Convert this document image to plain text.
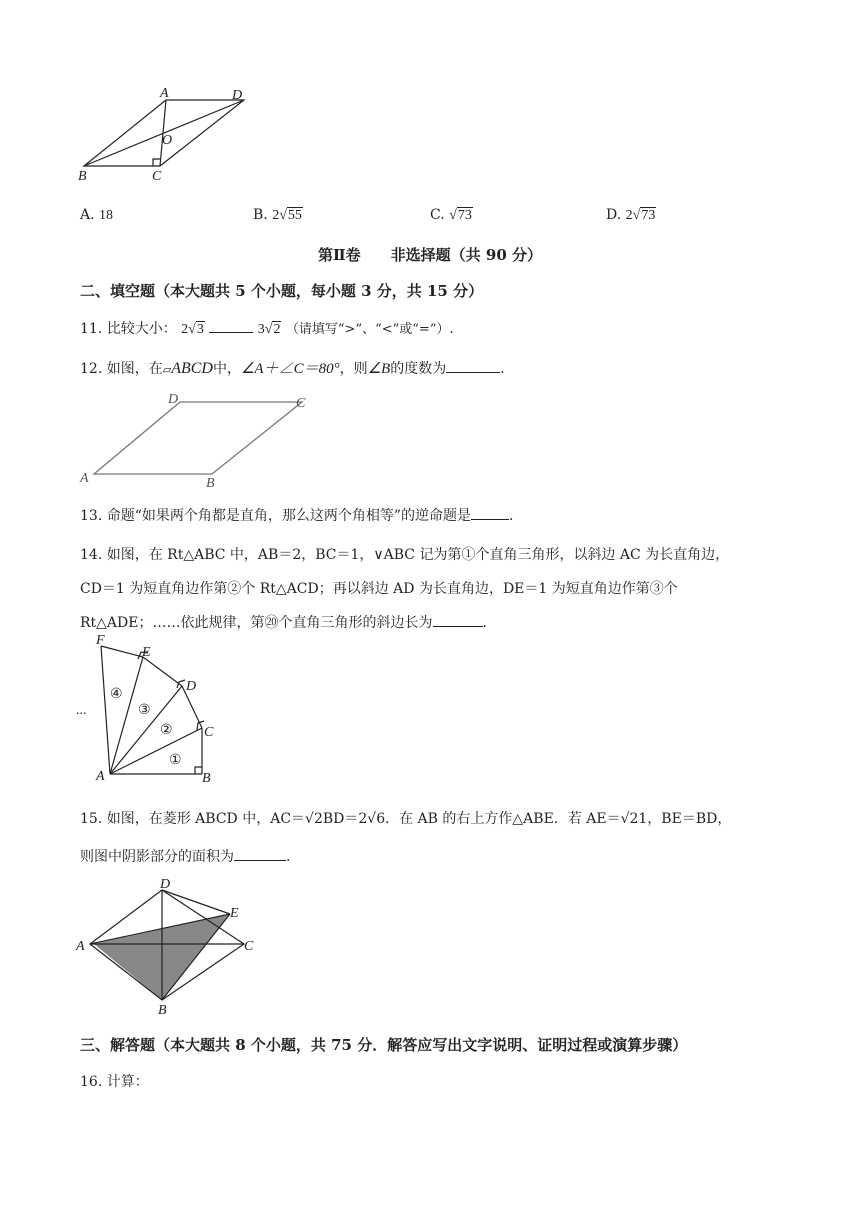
A	D
O
B	C
A. 18	B. 2√55	C. √73	D. 2√73
第Ⅱ卷　　非选择题（共 90 分）
二、填空题（本大题共 5 个小题，每小题 3 分，共 15 分）
11. 比较大小： 2√3	3√2 （请填写“>”、“<”或“=”）.
12. 如图，在▱ABCD中，∠A＋∠C＝80°，则∠B的度数为	.
D	C
A	B
13. 命题“如果两个角都是直角，那么这两个角相等”的逆命题是	.
14. 如图，在 Rt△ABC 中，AB＝2，BC＝1，∨ABC 记为第①个直角三角形，以斜边 AC 为长直角边，
CD＝1 为短直角边作第②个 Rt△ACD；再以斜边 AD 为长直角边，DE＝1 为短直角边作第③个
Rt△ADE；……依此规律，第⑳个直角三角形的斜边长为	.
F
E
D
C
A	B
①
②
③
④
...
15. 如图，在菱形 ABCD 中，AC＝√2BD＝2√6．在 AB 的右上方作△ABE．若 AE＝√21，BE＝BD，
则图中阴影部分的面积为	.
D
E
A	C
B
三、解答题（本大题共 8 个小题，共 75 分．解答应写出文字说明、证明过程或演算步骤）
16. 计算：
